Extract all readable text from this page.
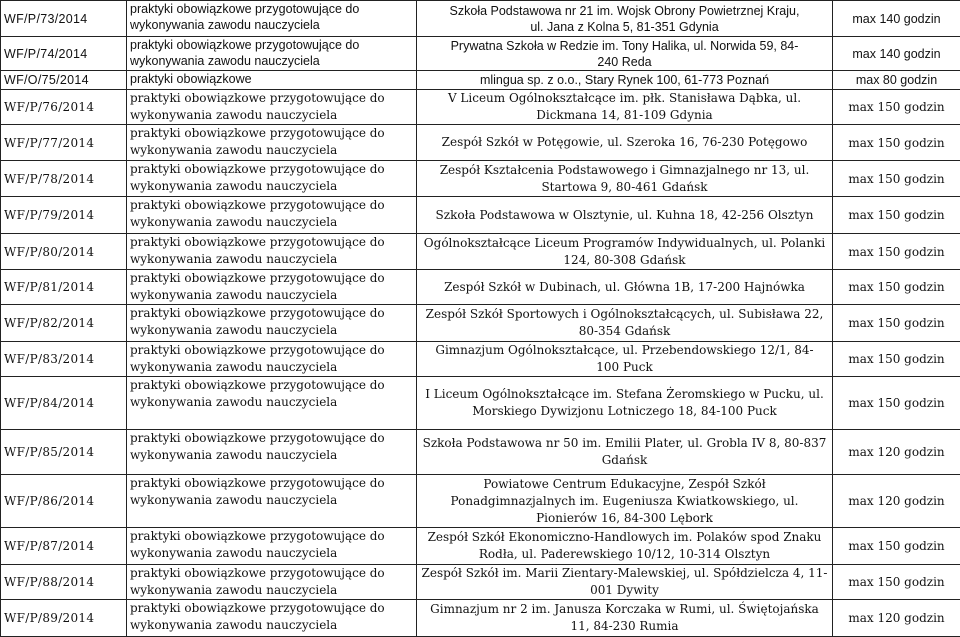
WF/P/73/2014	praktyki obowiązkowe przygotowujące do
wykonywania zawodu nauczyciela	Szkoła Podstawowa nr 21 im. Wojsk Obrony Powietrznej Kraju,
ul. Jana z Kolna 5, 81-351 Gdynia	max 140 godzin
WF/P/74/2014	praktyki obowiązkowe przygotowujące do
wykonywania zawodu nauczyciela	Prywatna Szkoła w Redzie im. Tony Halika, ul. Norwida 59, 84-
240 Reda	max 140 godzin
WF/O/75/2014	praktyki obowiązkowe	mlingua sp. z o.o., Stary Rynek 100, 61-773 Poznań	max 80 godzin
WF/P/76/2014	praktyki obowiązkowe przygotowujące do
wykonywania zawodu nauczyciela	V Liceum Ogólnokształcące im. płk. Stanisława Dąbka, ul.
Dickmana 14, 81-109 Gdynia	max 150 godzin
WF/P/77/2014	praktyki obowiązkowe przygotowujące do
wykonywania zawodu nauczyciela	Zespół Szkół w Potęgowie, ul. Szeroka 16, 76-230 Potęgowo	max 150 godzin
WF/P/78/2014	praktyki obowiązkowe przygotowujące do
wykonywania zawodu nauczyciela	Zespół Kształcenia Podstawowego i Gimnazjalnego nr 13, ul.
Startowa 9, 80-461 Gdańsk	max 150 godzin
WF/P/79/2014	praktyki obowiązkowe przygotowujące do
wykonywania zawodu nauczyciela	Szkoła Podstawowa w Olsztynie, ul. Kuhna 18, 42-256 Olsztyn	max 150 godzin
WF/P/80/2014	praktyki obowiązkowe przygotowujące do
wykonywania zawodu nauczyciela	Ogólnokształcące Liceum Programów Indywidualnych, ul. Polanki
124, 80-308 Gdańsk	max 150 godzin
WF/P/81/2014	praktyki obowiązkowe przygotowujące do
wykonywania zawodu nauczyciela	Zespół Szkół w Dubinach, ul. Główna 1B, 17-200 Hajnówka	max 150 godzin
WF/P/82/2014	praktyki obowiązkowe przygotowujące do
wykonywania zawodu nauczyciela	Zespół Szkół Sportowych i Ogólnokształcących, ul. Subisława 22,
80-354 Gdańsk	max 150 godzin
WF/P/83/2014	praktyki obowiązkowe przygotowujące do
wykonywania zawodu nauczyciela	Gimnazjum Ogólnokształcące, ul. Przebendowskiego 12/1, 84-
100 Puck	max 150 godzin
WF/P/84/2014	praktyki obowiązkowe przygotowujące do
wykonywania zawodu nauczyciela	I Liceum Ogólnokształcące im. Stefana Żeromskiego w Pucku, ul.
Morskiego Dywizjonu Lotniczego 18, 84-100 Puck	max 150 godzin
WF/P/85/2014	praktyki obowiązkowe przygotowujące do
wykonywania zawodu nauczyciela	Szkoła Podstawowa nr 50 im. Emilii Plater, ul. Grobla IV 8, 80-837
Gdańsk	max 120 godzin
WF/P/86/2014	praktyki obowiązkowe przygotowujące do
wykonywania zawodu nauczyciela	Powiatowe Centrum Edukacyjne, Zespół Szkół
Ponadgimnazjalnych im. Eugeniusza Kwiatkowskiego, ul.
Pionierów 16, 84-300 Lębork	max 120 godzin
WF/P/87/2014	praktyki obowiązkowe przygotowujące do
wykonywania zawodu nauczyciela	Zespół Szkół Ekonomiczno-Handlowych im. Polaków spod Znaku
Rodła, ul. Paderewskiego 10/12, 10-314 Olsztyn	max 150 godzin
WF/P/88/2014	praktyki obowiązkowe przygotowujące do
wykonywania zawodu nauczyciela	Zespół Szkół im. Marii Zientary-Malewskiej, ul. Spółdzielcza 4, 11-
001 Dywity	max 150 godzin
WF/P/89/2014	praktyki obowiązkowe przygotowujące do
wykonywania zawodu nauczyciela	Gimnazjum nr 2 im. Janusza Korczaka w Rumi, ul. Świętojańska
11, 84-230 Rumia	max 120 godzin
